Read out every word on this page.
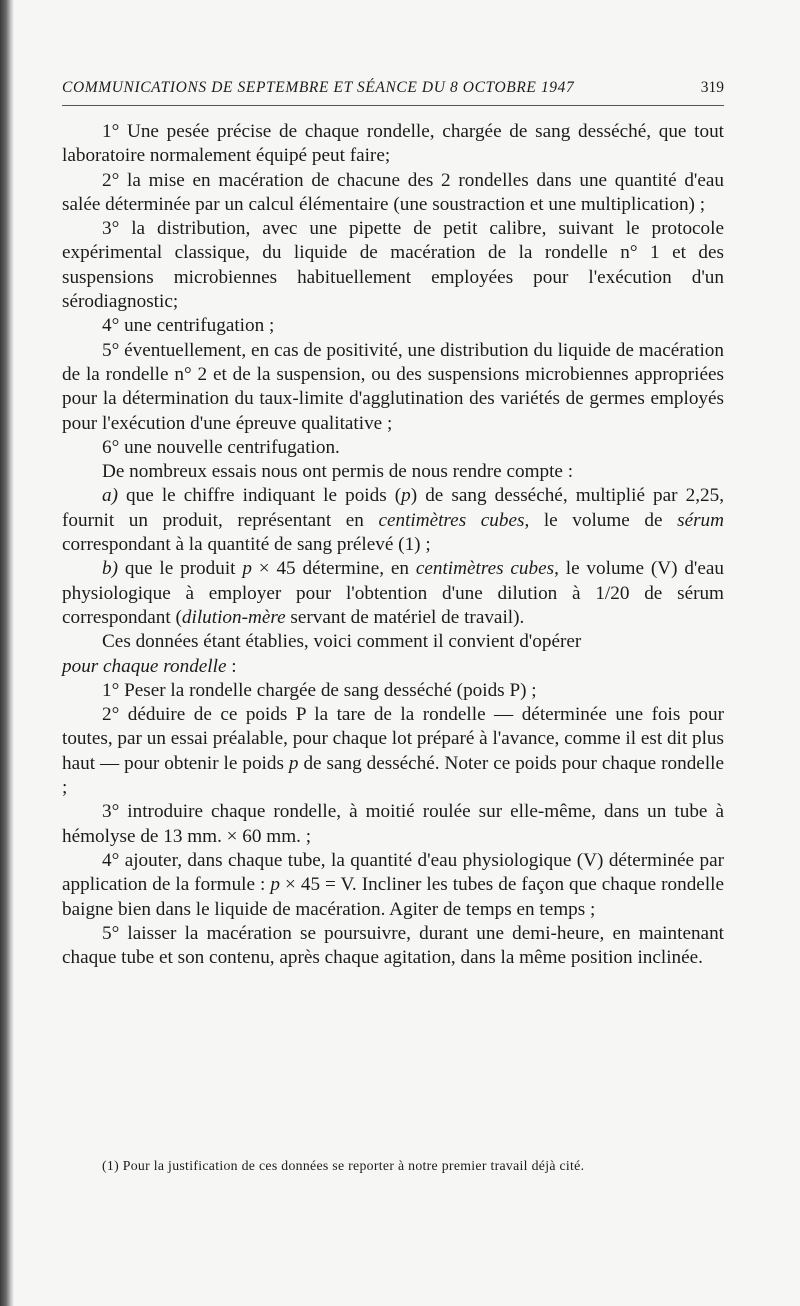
COMMUNICATIONS DE SEPTEMBRE ET SÉANCE DU 8 OCTOBRE 1947	319

1° Une pesée précise de chaque rondelle, chargée de sang desséché, que tout laboratoire normalement équipé peut faire;

2° la mise en macération de chacune des 2 rondelles dans une quantité d'eau salée déterminée par un calcul élémentaire (une soustraction et une multiplication) ;

3° la distribution, avec une pipette de petit calibre, suivant le protocole expérimental classique, du liquide de macération de la rondelle n° 1 et des suspensions microbiennes habituellement employées pour l'exécution d'un sérodiagnostic;

4° une centrifugation ;

5° éventuellement, en cas de positivité, une distribution du liquide de macération de la rondelle n° 2 et de la suspension, ou des suspensions microbiennes appropriées pour la détermination du taux-limite d'agglutination des variétés de germes employés pour l'exécution d'une épreuve qualitative ;

6° une nouvelle centrifugation.

De nombreux essais nous ont permis de nous rendre compte :

a) que le chiffre indiquant le poids (p) de sang desséché, multiplié par 2,25, fournit un produit, représentant en centimètres cubes, le volume de sérum correspondant à la quantité de sang prélevé (1) ;

b) que le produit p × 45 détermine, en centimètres cubes, le volume (V) d'eau physiologique à employer pour l'obtention d'une dilution à 1/20 de sérum correspondant (dilution-mère servant de matériel de travail).

Ces données étant établies, voici comment il convient d'opérer

pour chaque rondelle :

1° Peser la rondelle chargée de sang desséché (poids P) ;

2° déduire de ce poids P la tare de la rondelle — déterminée une fois pour toutes, par un essai préalable, pour chaque lot préparé à l'avance, comme il est dit plus haut — pour obtenir le poids p de sang desséché. Noter ce poids pour chaque rondelle ;

3° introduire chaque rondelle, à moitié roulée sur elle-même, dans un tube à hémolyse de 13 mm. × 60 mm. ;

4° ajouter, dans chaque tube, la quantité d'eau physiologique (V) déterminée par application de la formule : p × 45 = V. Incliner les tubes de façon que chaque rondelle baigne bien dans le liquide de macération. Agiter de temps en temps ;

5° laisser la macération se poursuivre, durant une demi-heure, en maintenant chaque tube et son contenu, après chaque agitation, dans la même position inclinée.

(1) Pour la justification de ces données se reporter à notre premier travail déjà cité.
